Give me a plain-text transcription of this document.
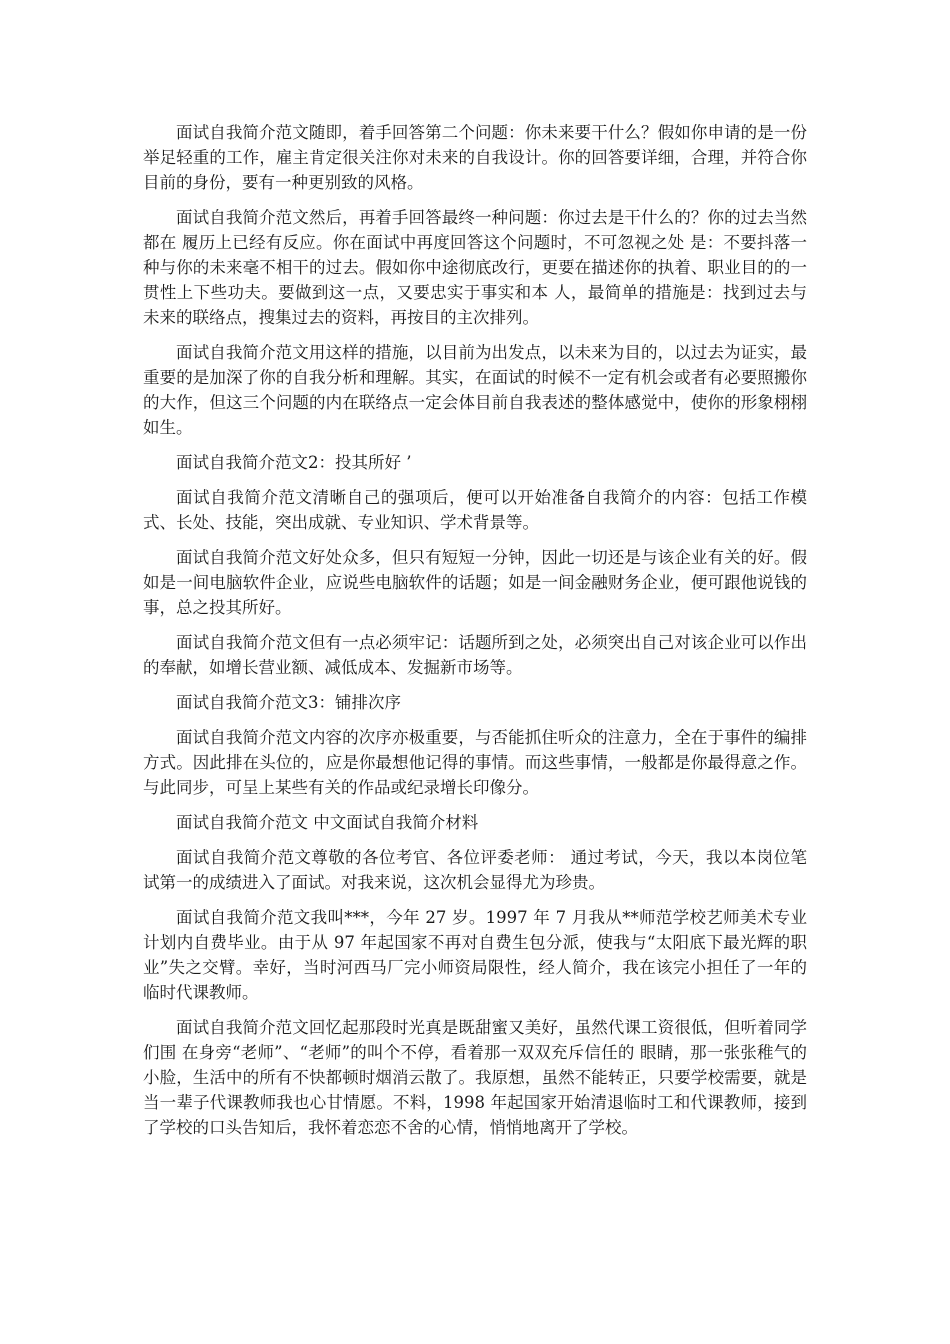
面试自我简介范文随即，着手回答第二个问题：你未来要干什么？假如你申请的是一份举足轻重的工作，雇主肯定很关注你对未来的自我设计。你的回答要详细，合理，并符合你目前的身份，要有一种更别致的风格。

面试自我简介范文然后，再着手回答最终一种问题：你过去是干什么的？你的过去当然都在 履历上已经有反应。你在面试中再度回答这个问题时，不可忽视之处 是：不要抖落一种与你的未来毫不相干的过去。假如你中途彻底改行，更要在描述你的执着、职业目的的一贯性上下些功夫。要做到这一点，又要忠实于事实和本 人，最简单的措施是：找到过去与未来的联络点，搜集过去的资料，再按目的主次排列。

面试自我简介范文用这样的措施，以目前为出发点，以未来为目的，以过去为证实，最重要的是加深了你的自我分析和理解。其实，在面试的时候不一定有机会或者有必要照搬你的大作，但这三个问题的内在联络点一定会体目前自我表述的整体感觉中，使你的形象栩栩如生。

面试自我简介范文2：投其所好 ’

面试自我简介范文清晰自己的强项后，便可以开始准备自我简介的内容：包括工作模式、长处、技能，突出成就、专业知识、学术背景等。

面试自我简介范文好处众多，但只有短短一分钟，因此一切还是与该企业有关的好。假如是一间电脑软件企业，应说些电脑软件的话题；如是一间金融财务企业，便可跟他说钱的事，总之投其所好。

面试自我简介范文但有一点必须牢记：话题所到之处，必须突出自己对该企业可以作出的奉献，如增长营业额、减低成本、发掘新市场等。

面试自我简介范文3：铺排次序

面试自我简介范文内容的次序亦极重要，与否能抓住听众的注意力，全在于事件的编排方式。因此排在头位的，应是你最想他记得的事情。而这些事情，一般都是你最得意之作。与此同步，可呈上某些有关的作品或纪录增长印像分。

面试自我简介范文 中文面试自我简介材料

面试自我简介范文尊敬的各位考官、各位评委老师： 通过考试，今天，我以本岗位笔试第一的成绩进入了面试。对我来说，这次机会显得尤为珍贵。

面试自我简介范文我叫***，今年 27 岁。1997 年 7 月我从**师范学校艺师美术专业计划内自费毕业。由于从 97 年起国家不再对自费生包分派，使我与“太阳底下最光辉的职业”失之交臂。幸好，当时河西马厂完小师资局限性，经人简介，我在该完小担任了一年的临时代课教师。

面试自我简介范文回忆起那段时光真是既甜蜜又美好，虽然代课工资很低，但听着同学们围 在身旁“老师”、“老师”的叫个不停，看着那一双双充斥信任的 眼睛，那一张张稚气的小脸，生活中的所有不快都顿时烟消云散了。我原想，虽然不能转正，只要学校需要，就是当一辈子代课教师我也心甘情愿。不料，1998 年起国家开始清退临时工和代课教师，接到了学校的口头告知后，我怀着恋恋不舍的心情，悄悄地离开了学校。
